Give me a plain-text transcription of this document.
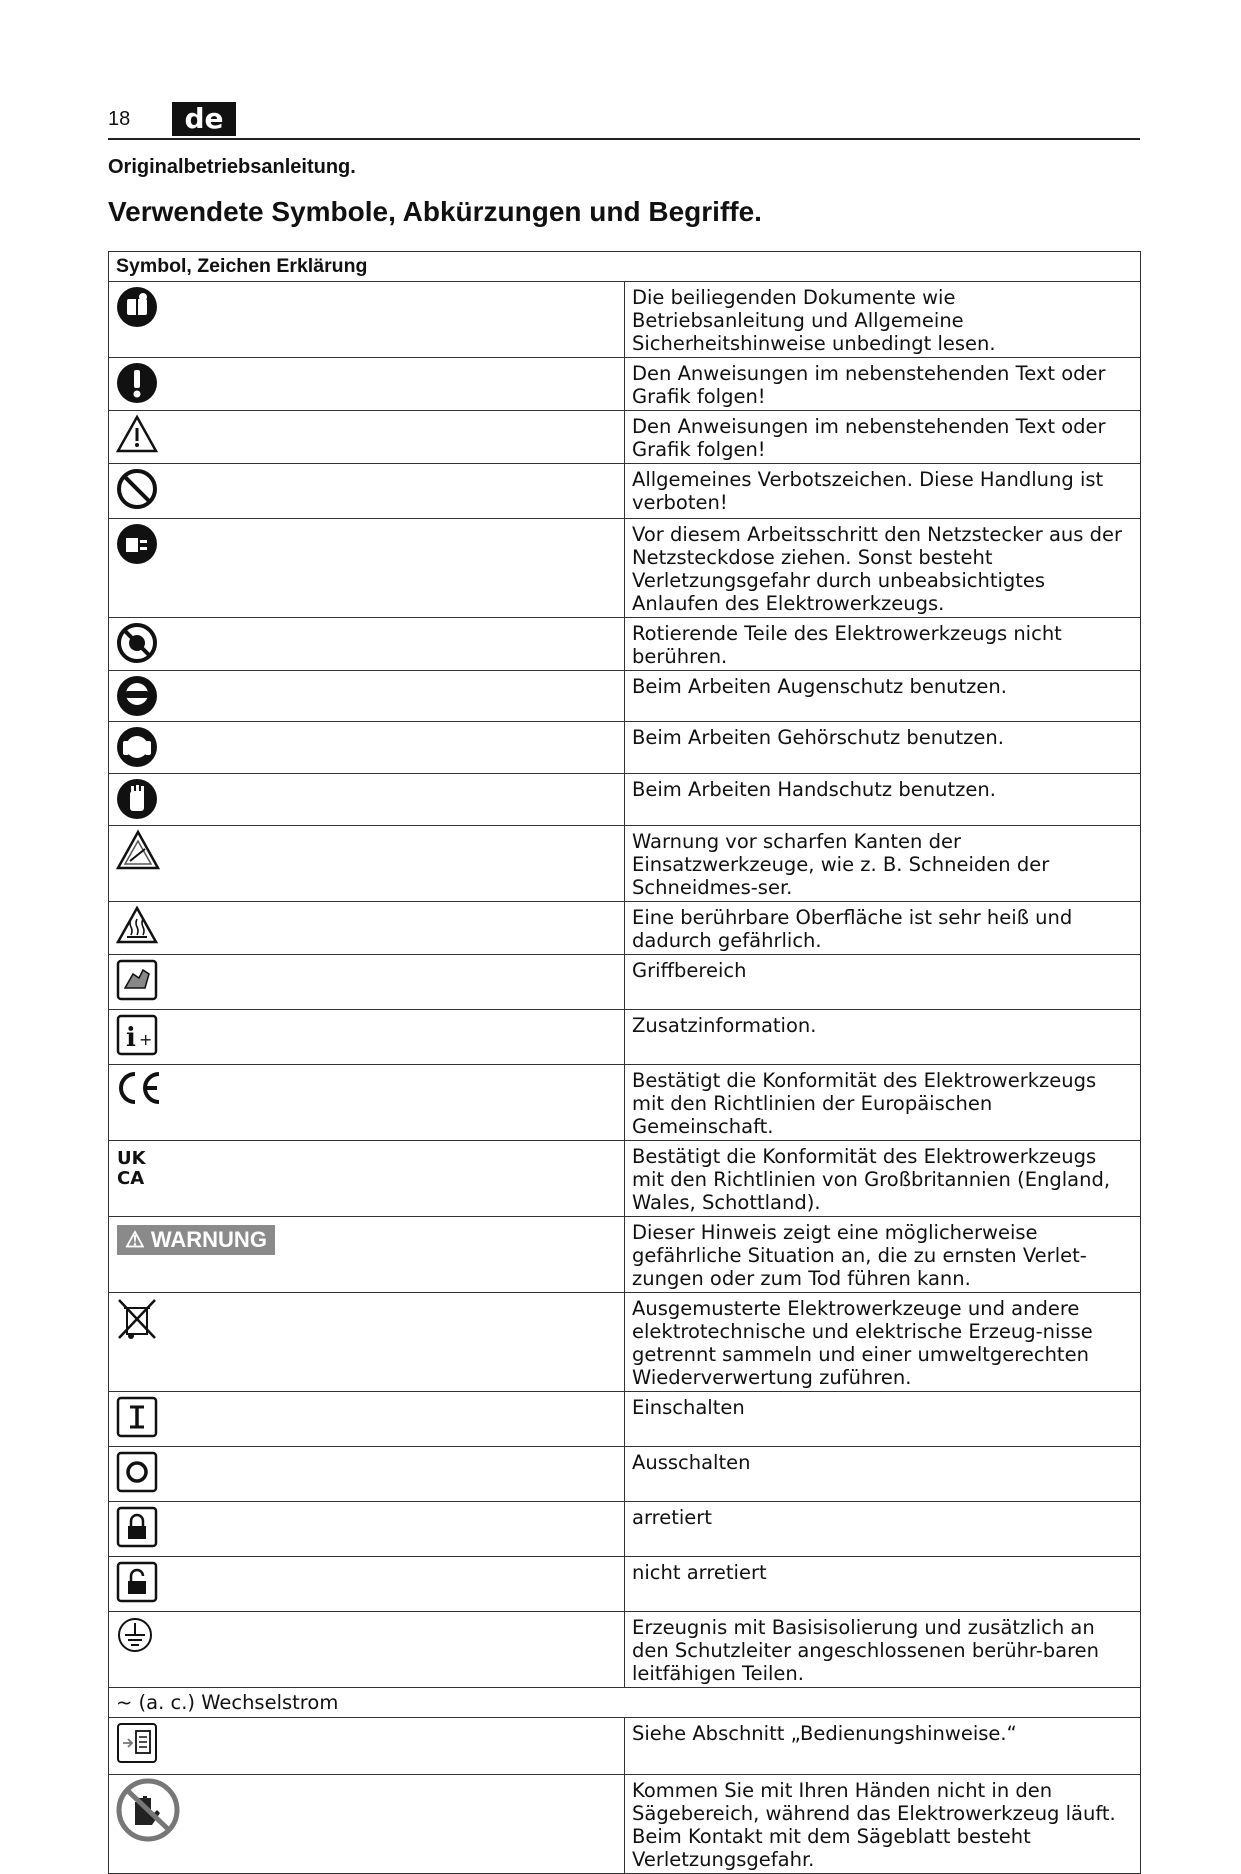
18	de
Originalbetriebsanleitung.
Verwendete Symbole, Abkürzungen und Begriffe.
Symbol, Zeichen Erklärung	

	Die beiliegenden Dokumente wie Betriebsanleitung und Allgemeine Sicherheitshinweise unbedingt lesen.

	Den Anweisungen im nebenstehenden Text oder Grafik folgen!

	Den Anweisungen im nebenstehenden Text oder Grafik folgen!

	Allgemeines Verbotszeichen. Diese Handlung ist verboten!

	Vor diesem Arbeitsschritt den Netzstecker aus der Netzsteckdose ziehen. Sonst besteht Verletzungsgefahr durch unbeabsichtigtes Anlaufen des Elektrowerkzeugs.

	Rotierende Teile des Elektrowerkzeugs nicht berühren.

	Beim Arbeiten Augenschutz benutzen.

	Beim Arbeiten Gehörschutz benutzen.

	Beim Arbeiten Handschutz benutzen.

	Warnung vor scharfen Kanten der Einsatzwerkzeuge, wie z. B. Schneiden der Schneidmes-ser.

	Eine berührbare Oberfläche ist sehr heiß und dadurch gefährlich.

	Griffbereich

i +	Zusatzinformation.

	Bestätigt die Konformität des Elektrowerkzeugs mit den Richtlinien der Europäischen Gemeinschaft.

UK
CA	Bestätigt die Konformität des Elektrowerkzeugs mit den Richtlinien von Großbritannien (England, Wales, Schottland).
⚠ WARNUNG	Dieser Hinweis zeigt eine möglicherweise gefährliche Situation an, die zu ernsten Verlet-zungen oder zum Tod führen kann.

	Ausgemusterte Elektrowerkzeuge und andere elektrotechnische und elektrische Erzeug-nisse getrennt sammeln und einer umweltgerechten Wiederverwertung zuführen.

	Einschalten

	Ausschalten

	arretiert

	nicht arretiert

	Erzeugnis mit Basisisolierung und zusätzlich an den Schutzleiter angeschlossenen berühr-baren leitfähigen Teilen.
~ (a. c.) Wechselstrom	

	Siehe Abschnitt „Bedienungshinweise.“

	Kommen Sie mit Ihren Händen nicht in den Sägebereich, während das Elektrowerkzeug läuft. Beim Kontakt mit dem Sägeblatt besteht Verletzungsgefahr.
